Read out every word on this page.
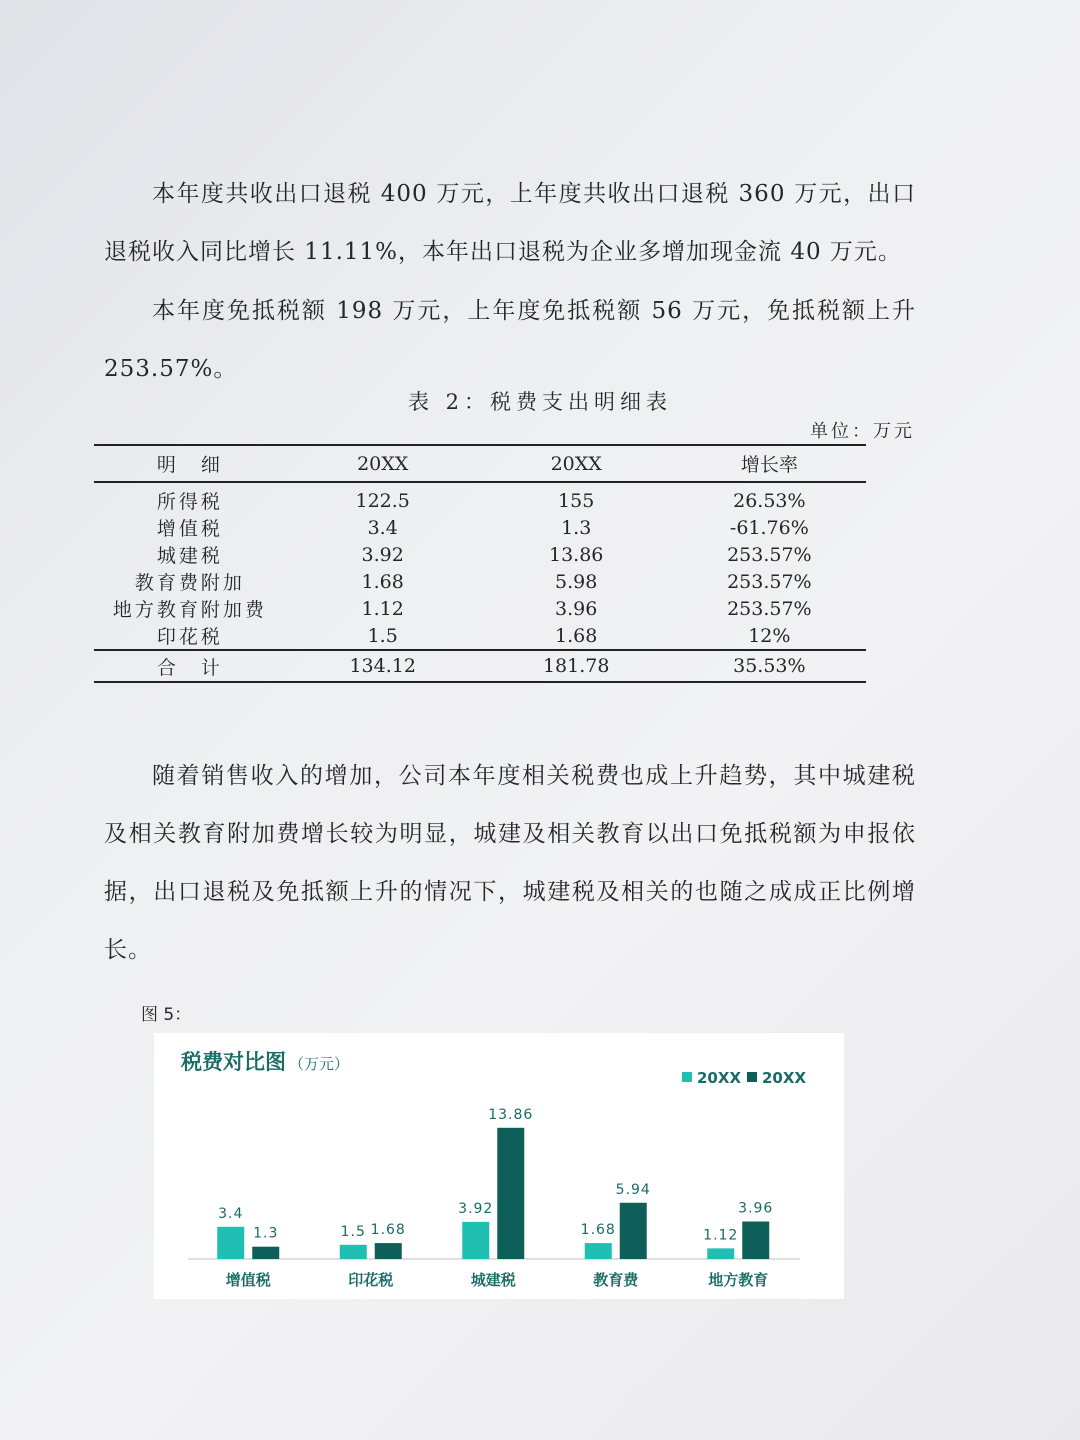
本年度共收出口退税 400 万元，上年度共收出口退税 360 万元，出口退税收入同比增长 11.11%，本年出口退税为企业多增加现金流 40 万元。

本年度免抵税额 198 万元，上年度免抵税额 56 万元，免抵税额上升 253.57%。

表 2：税费支出明细表
单位：万元
明　细	20XX	20XX	增长率
所得税	122.5	155	26.53%
增值税	3.4	1.3	-61.76%
城建税	3.92	13.86	253.57%
教育费附加	1.68	5.98	253.57%
地方教育附加费	1.12	3.96	253.57%
印花税	1.5	1.68	12%
合　计	134.12	181.78	35.53%

随着销售收入的增加，公司本年度相关税费也成上升趋势，其中城建税及相关教育附加费增长较为明显，城建及相关教育以出口免抵税额为申报依据，出口退税及免抵额上升的情况下，城建税及相关的也随之成成正比例增长。

图 5：
税费对比图 （万元）
20XX 20XX
3.4
1.3
增值税
1.5 1.68
印花税
3.92
13.86
城建税
1.68
5.94
教育费
1.12
3.96
地方教育
